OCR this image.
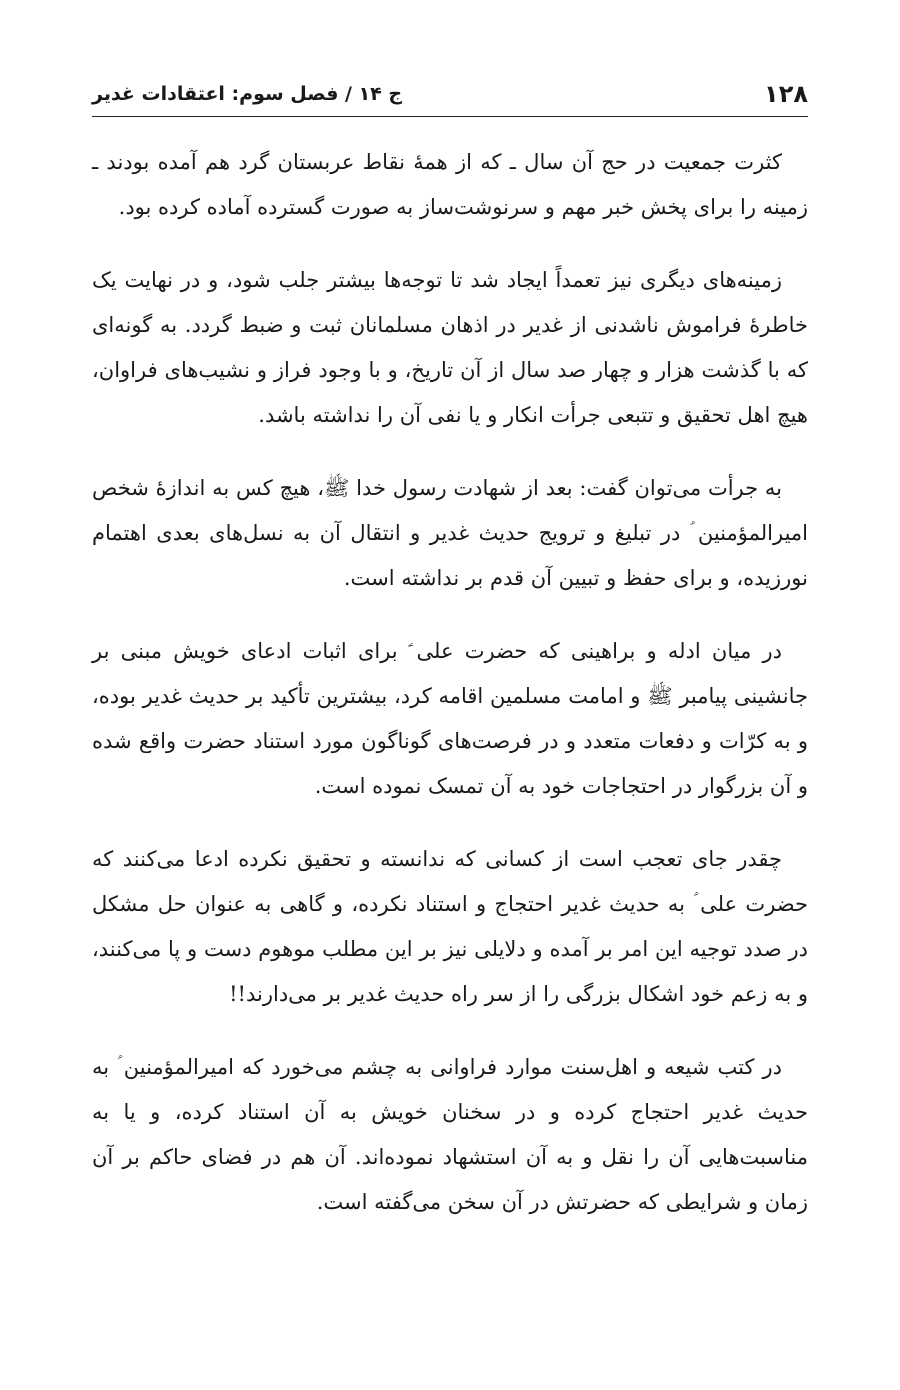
۱۲۸
ج ۱۴ / فصل سوم: اعتقادات غدیر

کثرت جمعیت در حج آن سال ـ که از همهٔ نقاط عربستان گرد هم آمده بودند ـ زمینه را برای پخش خبر مهم و سرنوشت‌ساز به صورت گسترده آماده کرده بود.

زمینه‌های دیگری نیز تعمداً ایجاد شد تا توجه‌ها بیشتر جلب شود، و در نهایت یک خاطرهٔ فراموش ناشدنی از غدیر در اذهان مسلمانان ثبت و ضبط گردد. به گونه‌ای که با گذشت هزار و چهار صد سال از آن تاریخ، و با وجود فراز و نشیب‌های فراوان، هیچ اهل تحقیق و تتبعی جرأت انکار و یا نفی آن را نداشته باشد.

به جرأت می‌توان گفت: بعد از شهادت رسول خدا ﷺ، هیچ کس به اندازهٔ شخص امیرالمؤمنین ؑ در تبلیغ و ترویج حدیث غدیر و انتقال آن به نسل‌های بعدی اهتمام نورزیده، و برای حفظ و تبیین آن قدم بر نداشته است.

در میان ادله و براهینی که حضرت علی ؑ برای اثبات ادعای خویش مبنی بر جانشینی پیامبر ﷺ و امامت مسلمین اقامه کرد، بیشترین تأکید بر حدیث غدیر بوده، و به کرّات و دفعات متعدد و در فرصت‌های گوناگون مورد استناد حضرت واقع شده و آن بزرگوار در احتجاجات خود به آن تمسک نموده است.

چقدر جای تعجب است از کسانی که ندانسته و تحقیق نکرده ادعا می‌کنند که حضرت علی ؑ به حدیث غدیر احتجاج و استناد نکرده، و گاهی به عنوان حل مشکل در صدد توجیه این امر بر آمده و دلایلی نیز بر این مطلب موهوم دست و پا می‌کنند، و به زعم خود اشکال بزرگی را از سر راه حدیث غدیر بر می‌دارند!!

در کتب شیعه و اهل‌سنت موارد فراوانی به چشم می‌خورد که امیرالمؤمنین ؑ به حدیث غدیر احتجاج کرده و در سخنان خویش به آن استناد کرده، و یا به مناسبت‌هایی آن را نقل و به آن استشهاد نموده‌اند. آن هم در فضای حاکم بر آن زمان و شرایطی که حضرتش در آن سخن می‌گفته است.
